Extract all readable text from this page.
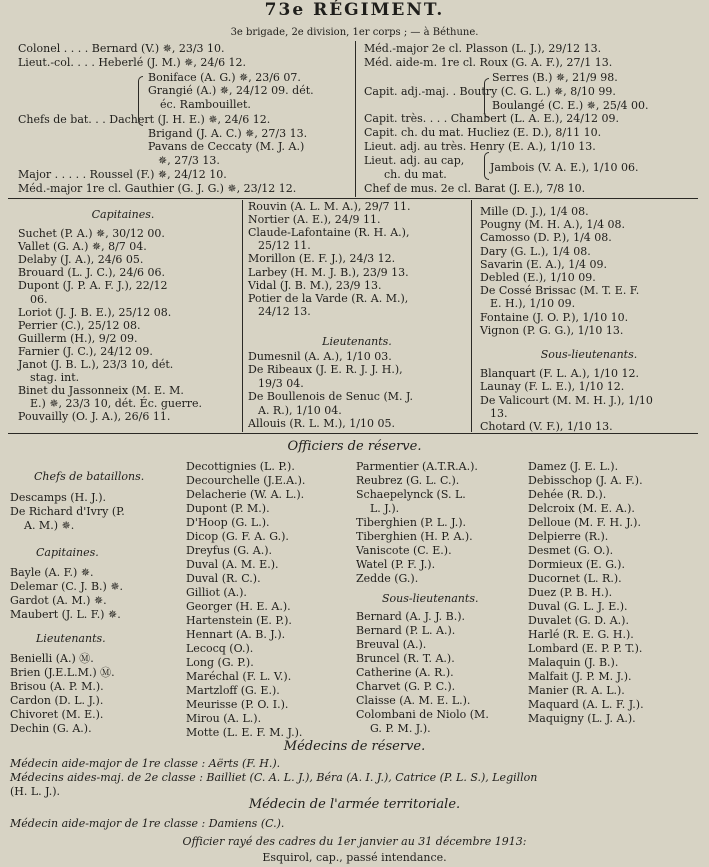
73e RÉGIMENT.
3e brigade, 2e division, 1er corps ; — à Béthune.
Colonel . . . . Bernard (V.) ✵, 23/3 10.
Lieut.-col. . . . Heberlé (J. M.) ✵, 24/6 12.
Boniface (A. G.) ✵, 23/6 07.
Grangié (A.) ✵, 24/12 09. dét.
éc. Rambouillet.
Chefs de bat. . . Dachert (J. H. E.) ✵, 24/6 12.
Brigand (J. A. C.) ✵, 27/3 13.
Pavans de Ceccaty (M. J. A.)
✵, 27/3 13.
Major . . . . . Roussel (F.) ✵, 24/12 10.
Méd.-major 1re cl. Gauthier (G. J. G.) ✵, 23/12 12.
Méd.-major 2e cl. Plasson (L. J.), 29/12 13.
Méd. aide-m. 1re cl. Roux (G. A. F.), 27/1 13.
Serres (B.) ✵, 21/9 98.
Capit. adj.-maj. . Boutry (C. G. L.) ✵, 8/10 99.
Boulangé (C. E.) ✵, 25/4 00.
Capit. très. . . . Chambert (L. A. E.), 24/12 09.
Capit. ch. du mat. Hucliez (E. D.), 8/11 10.
Lieut. adj. au très. Henry (E. A.), 1/10 13.
Lieut. adj. au cap,
ch. du mat.
Jambois (V. A. E.), 1/10 06.
Chef de mus. 2e cl. Barat (J. E.), 7/8 10.
Capitaines.
Suchet (P. A.) ✵, 30/12 00.
Vallet (G. A.) ✵, 8/7 04.
Delaby (J. A.), 24/6 05.
Brouard (L. J. C.), 24/6 06.
Dupont (J. P. A. F. J.), 22/12
06.
Loriot (J. J. B. E.), 25/12 08.
Perrier (C.), 25/12 08.
Guillerm (H.), 9/2 09.
Farnier (J. C.), 24/12 09.
Janot (J. B. L.), 23/3 10, dét.
stag. int.
Binet du Jassonneix (M. E. M.
E.) ✵, 23/3 10, dét. Éc. guerre.
Pouvailly (O. J. A.), 26/6 11.
Rouvin (A. L. M. A.), 29/7 11.
Nortier (A. E.), 24/9 11.
Claude-Lafontaine (R. H. A.),
25/12 11.
Morillon (E. F. J.), 24/3 12.
Larbey (H. M. J. B.), 23/9 13.
Vidal (J. B. M.), 23/9 13.
Potier de la Varde (R. A. M.),
24/12 13.
Lieutenants.
Dumesnil (A. A.), 1/10 03.
De Ribeaux (J. E. R. J. J. H.),
19/3 04.
De Boullenois de Senuc (M. J.
A. R.), 1/10 04.
Allouis (R. L. M.), 1/10 05.
Mille (D. J.), 1/4 08.
Pougny (M. H. A.), 1/4 08.
Camosso (D. P.), 1/4 08.
Dary (G. L.), 1/4 08.
Savarin (E. A.), 1/4 09.
Debled (E.), 1/10 09.
De Cossé Brissac (M. T. E. F.
E. H.), 1/10 09.
Fontaine (J. O. P.), 1/10 10.
Vignon (P. G. G.), 1/10 13.
Sous-lieutenants.
Blanquart (F. L. A.), 1/10 12.
Launay (F. L. E.), 1/10 12.
De Valicourt (M. M. H. J.), 1/10
13.
Chotard (V. F.), 1/10 13.
Officiers de réserve.
Chefs de bataillons.
Descamps (H. J.).
De Richard d'Ivry (P.
A. M.) ✵.
Capitaines.
Bayle (A. F.) ✵.
Delemar (C. J. B.) ✵.
Gardot (A. M.) ✵.
Maubert (J. L. F.) ✵.
Lieutenants.
Benielli (A.) Ⓜ.
Brien (J.E.L.M.) Ⓜ.
Brisou (A. P. M.).
Cardon (D. L. J.).
Chivoret (M. E.).
Dechin (G. A.).
Decottignies (L. P.).
Decourchelle (J.E.A.).
Delacherie (W. A. L.).
Dupont (P. M.).
D'Hoop (G. L.).
Dicop (G. F. A. G.).
Dreyfus (G. A.).
Duval (A. M. E.).
Duval (R. C.).
Gilliot (A.).
Georger (H. E. A.).
Hartenstein (E. P.).
Hennart (A. B. J.).
Lecocq (O.).
Long (G. P.).
Maréchal (F. L. V.).
Martzloff (G. E.).
Meurisse (P. O. I.).
Mirou (A. L.).
Motte (L. E. F. M. J.).
Parmentier (A.T.R.A.).
Reubrez (G. L. C.).
Schaepelynck (S. L.
L. J.).
Tiberghien (P. L. J.).
Tiberghien (H. P. A.).
Vaniscote (C. E.).
Watel (P. F. J.).
Zedde (G.).
Sous-lieutenants.
Bernard (A. J. J. B.).
Bernard (P. L. A.).
Breuval (A.).
Bruncel (R. T. A.).
Catherine (A. R.).
Charvet (G. P. C.).
Claisse (A. M. E. L.).
Colombani de Niolo (M.
G. P. M. J.).
Damez (J. E. L.).
Debisschop (J. A. F.).
Dehée (R. D.).
Delcroix (M. E. A.).
Delloue (M. F. H. J.).
Delpierre (R.).
Desmet (G. O.).
Dormieux (E. G.).
Ducornet (L. R.).
Duez (P. B. H.).
Duval (G. L. J. E.).
Duvalet (G. D. A.).
Harlé (R. E. G. H.).
Lombard (E. P. P. T.).
Malaquin (J. B.).
Malfait (J. P. M. J.).
Manier (R. A. L.).
Maquard (A. L. F. J.).
Maquigny (L. J. A.).
Médecins de réserve.
Médecin aide-major de 1re classe : Aërts (F. H.).
Médecins aides-maj. de 2e classe : Bailliet (C. A. L. J.), Béra (A. I. J.), Catrice (P. L. S.), Legillon
(H. L. J.).
Médecin de l'armée territoriale.
Médecin aide-major de 1re classe : Damiens (C.).
Officier rayé des cadres du 1er janvier au 31 décembre 1913:
Esquirol, cap., passé intendance.
